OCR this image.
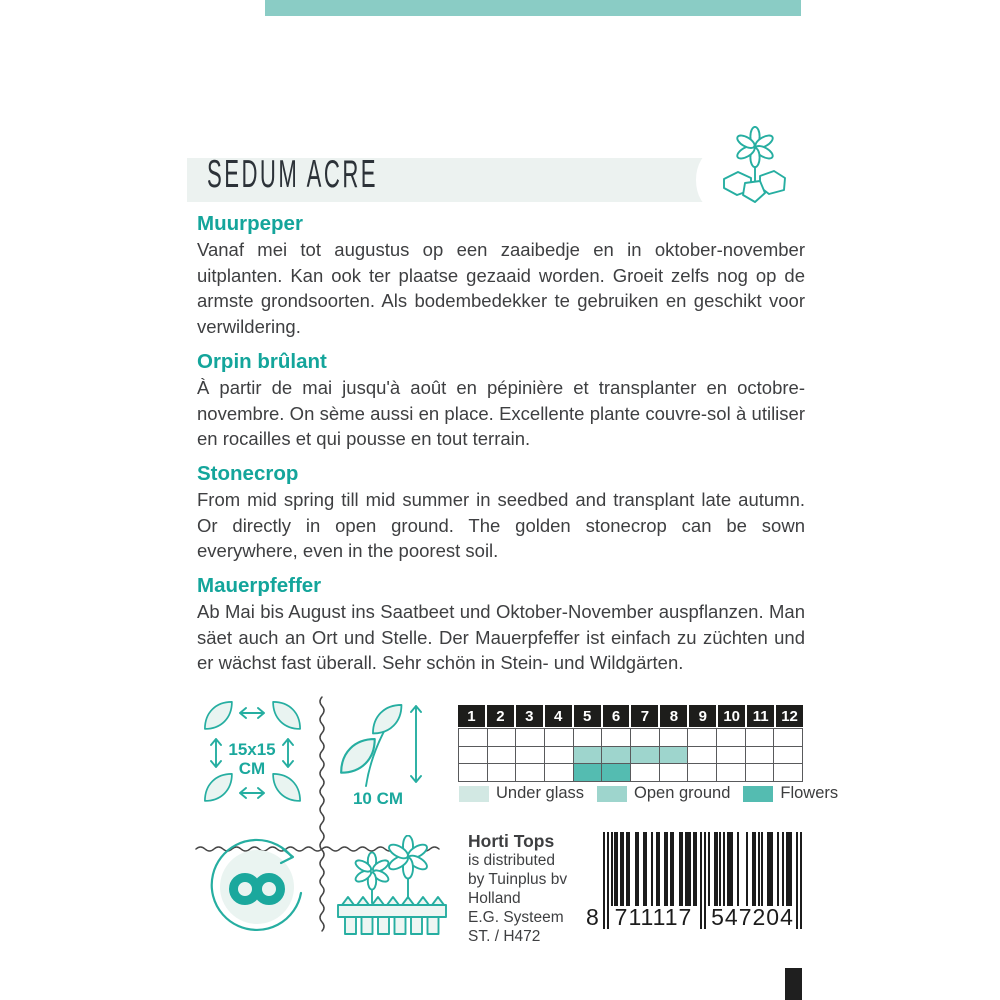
SEDUM ACRE
Muurpeper

Vanaf mei tot augustus op een zaaibedje en in oktober-november uitplanten. Kan ook ter plaatse gezaaid worden. Groeit zelfs nog op de armste grondsoorten. Als bodembedekker te gebruiken en geschikt voor verwildering.

Orpin brûlant

À partir de mai jusqu'à août en pépinière et transplanter en octobre-novembre. On sème aussi en place. Excellente plante couvre-sol à utiliser en rocailles et qui pousse en tout terrain.

Stonecrop

From mid spring till mid summer in seedbed and transplant late autumn. Or directly in open ground. The golden stonecrop can be sown everywhere, even in the poorest soil.

Mauerpfeffer

Ab Mai bis August ins Saatbeet und Oktober-November auspflanzen. Man säet auch an Ort und Stelle. Der Mauerpfeffer ist einfach zu züchten und er wächst fast überall. Sehr schön in Stein- und Wildgärten.

15x15
CM
10 CM
1	2	3	4	5	6	7	8	9	10 11 12
Under glass	Open ground	Flowers
Horti Tops
is distributed
by Tuinplus bv
Holland
E.G. Systeem
ST. / H472
8 711117 547204
